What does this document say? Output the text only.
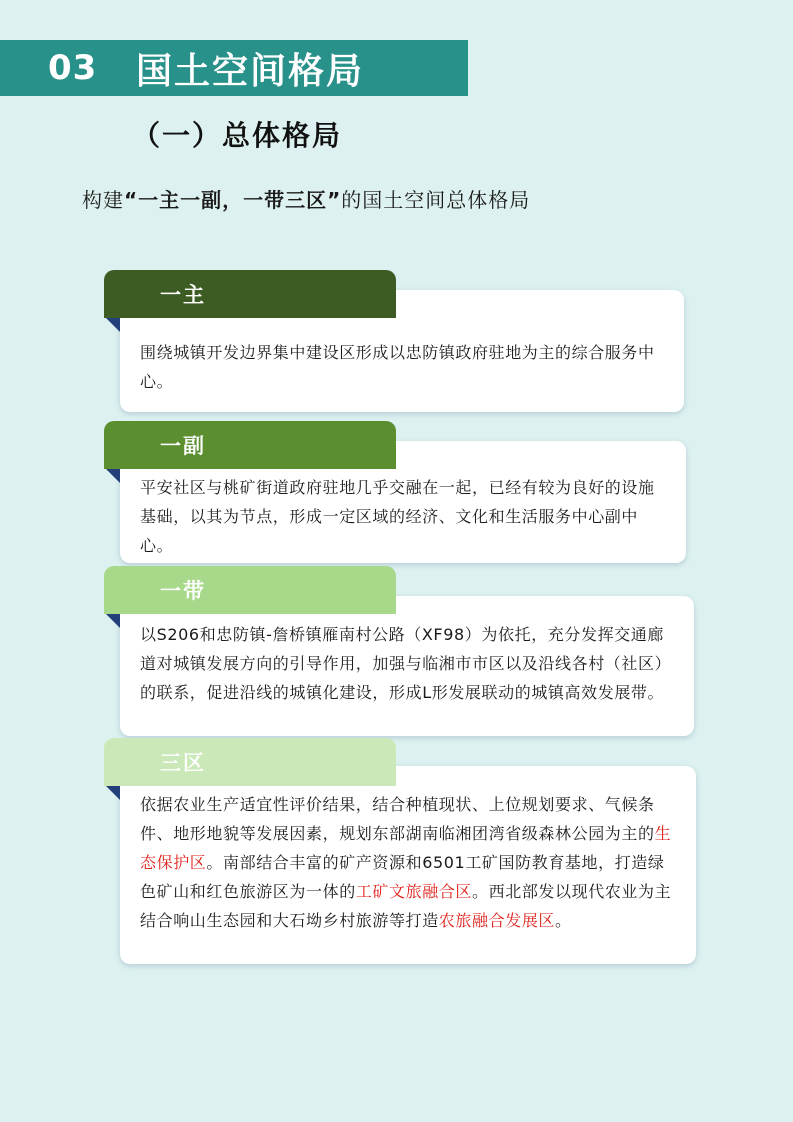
03	国土空间格局
（一）总体格局
构建“一主一副，一带三区”的国土空间总体格局
围绕城镇开发边界集中建设区形成以忠防镇政府驻地为主的综合服务中心。
一主
平安社区与桃矿街道政府驻地几乎交融在一起，已经有较为良好的设施基础，以其为节点，形成一定区域的经济、文化和生活服务中心副中心。
一副
以S206和忠防镇-詹桥镇雁南村公路（XF98）为依托，充分发挥交通廊道对城镇发展方向的引导作用，加强与临湘市市区以及沿线各村（社区）的联系，促进沿线的城镇化建设，形成L形发展联动的城镇高效发展带。
一带
依据农业生产适宜性评价结果，结合种植现状、上位规划要求、气候条件、地形地貌等发展因素，规划东部湖南临湘团湾省级森林公园为主的生态保护区。南部结合丰富的矿产资源和6501工矿国防教育基地，打造绿色矿山和红色旅游区为一体的工矿文旅融合区。西北部发以现代农业为主结合响山生态园和大石坳乡村旅游等打造农旅融合发展区。
三区
